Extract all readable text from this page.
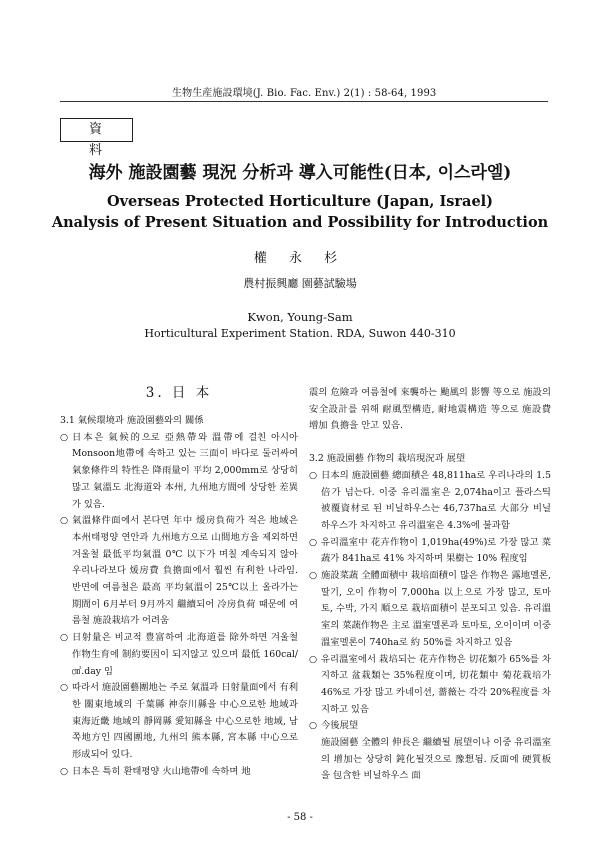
生物生産施設環境(J. Bio. Fac. Env.) 2(1) : 58-64, 1993
資 料
海外 施設園藝 現況 分析과 導入可能性(日本, 이스라엘)
Overseas Protected Horticulture (Japan, Israel)
Analysis of Present Situation and Possibility for Introduction
權 永 杉
農村振興廳 園藝試驗場
Kwon, Young-Sam
Horticultural Experiment Station. RDA, Suwon 440-310
3. 日 本
3.1 氣候環境과 施設園藝와의 關係
○ 日本은 氣候的으로 亞熱帶와 溫帶에 걸친 아시아 Monsoon地帶에 속하고 있는 三面이 바다로 둘러싸여 氣象條件의 特性은 降雨量이 平均 2,000mm로 상당히 많고 氣溫도 北海道와 本州, 九州地方間에 상당한 差異가 있음.
○ 氣溫條件面에서 본다면 年中 煖房負荷가 적은 地域은 本州태평양 연안과 九州地方으로 山間地方을 제외하면 겨울철 最低平均氣溫 0℃ 以下가 며칠 계속되지 않아 우리나라보다 煖房費 負擔面에서 훨씬 有利한 나라임. 반면에 여름철은 最高 平均氣溫이 25℃以上 올라가는 期間이 6月부터 9月까지 繼續되어 冷房負荷 때문에 여름철 施設栽培가 어려움
○ 日射量은 비교적 豊富하여 北海道를 除外하면 겨울철 作物生育에 制約要因이 되지않고 있으며 最低 160cal/㎠.day 임
○ 따라서 施設園藝團地는 주로 氣溫과 日射量面에서 有利한 關東地域의 千葉縣 神奈川縣을 中心으로한 地域과 東海近畿 地域의 靜岡縣 愛知縣을 中心으로한 地域, 남쪽地方인 四國團地, 九州의 熊本縣, 宮本縣 中心으로 形成되어 있다.
○ 日本은 특히 환태평양 火山地帶에 속하며 地
震의 危險과 여름철에 來襲하는 颱風의 影響 等으로 施設의 安全設計를 위해 耐風型構造, 耐地震構造 等으로 施設費 增加 負擔을 안고 있음.
3.2 施設園藝 作物의 栽培現況과 展望
○ 日本의 施設園藝 總面積은 48,811ha로 우리나라의 1.5倍가 넘는다. 이중 유리溫室은 2,074ha이고 플라스틱 被覆資材로 된 비닐하우스는 46,737ha로 大部分 비닐하우스가 차지하고 유리溫室은 4.3%에 불과함
○ 유리溫室中 花卉作物이 1,019ha(49%)로 가장 많고 菜蔬가 841ha로 41% 차지하며 果樹는 10% 程度임
○ 施設菜蔬 全體面積中 栽培面積이 많은 作物은 露地멜론, 딸기, 오이 作物이 7,000ha 以上으로 가장 많고, 토마토, 수박, 가지 順으로 栽培面積이 분포되고 있음. 유리溫室의 菜蔬作物은 主로 溫室멜론과 토마토, 오이이며 이중 溫室멜론이 740ha로 約 50%를 차지하고 있음
○ 유리溫室에서 栽培되는 花卉作物은 切花類가 65%를 차지하고 盆栽類는 35%程度이며, 切花類中 菊花栽培가 46%로 가장 많고 카네이션, 薔薇는 각각 20%程度를 차지하고 있음
○ 今後展望
施設園藝 全體의 伸長은 繼續될 展望이나 이중 유리溫室의 增加는 상당히 鈍化될것으로 豫想됨. 反面에 硬質板을 包含한 비닐하우스 面
- 58 -
